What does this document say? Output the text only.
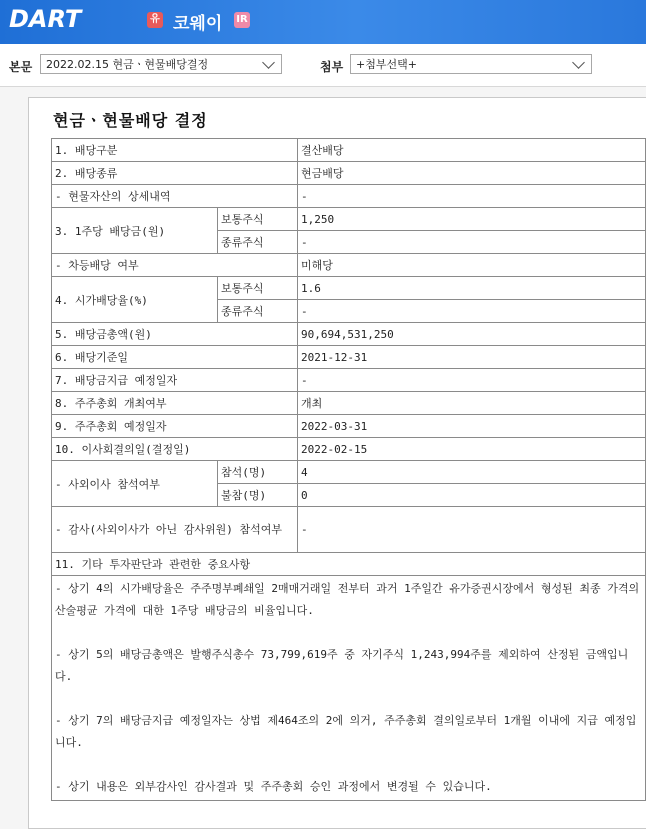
DART	유 코웨이 IR
본문	2022.02.15 현금ㆍ현물배당결정	첨부	+첨부선택+
현금ㆍ현물배당 결정
1. 배당구분		결산배당
2. 배당종류		현금배당
- 현물자산의 상세내역		-
3. 1주당 배당금(원)	보통주식	1,250
	종류주식	-
- 차등배당 여부		미해당
4. 시가배당율(%)	보통주식	1.6
	종류주식	-
5. 배당금총액(원)		90,694,531,250
6. 배당기준일		2021-12-31
7. 배당금지급 예정일자		-
8. 주주총회 개최여부		개최
9. 주주총회 예정일자		2022-03-31
10. 이사회결의일(결정일)		2022-02-15
- 사외이사 참석여부	참석(명)	4
	불참(명)	0
- 감사(사외이사가 아닌 감사위원) 참석여부		-
11. 기타 투자판단과 관련한 중요사항		

- 상기 4의 시가배당율은 주주명부폐쇄일 2매매거래일 전부터 과거 1주일간 유가증권시장에서 형성된 최종 가격의 산술평균 가격에 대한 1주당 배당금의 비율입니다.

- 상기 5의 배당금총액은 발행주식총수 73,799,619주 중 자기주식 1,243,994주를 제외하여 산정된 금액입니다.

- 상기 7의 배당금지급 예정일자는 상법 제464조의 2에 의거, 주주총회 결의일로부터 1개월 이내에 지급 예정입니다.

- 상기 내용은 외부감사인 감사결과 및 주주총회 승인 과정에서 변경될 수 있습니다.		
